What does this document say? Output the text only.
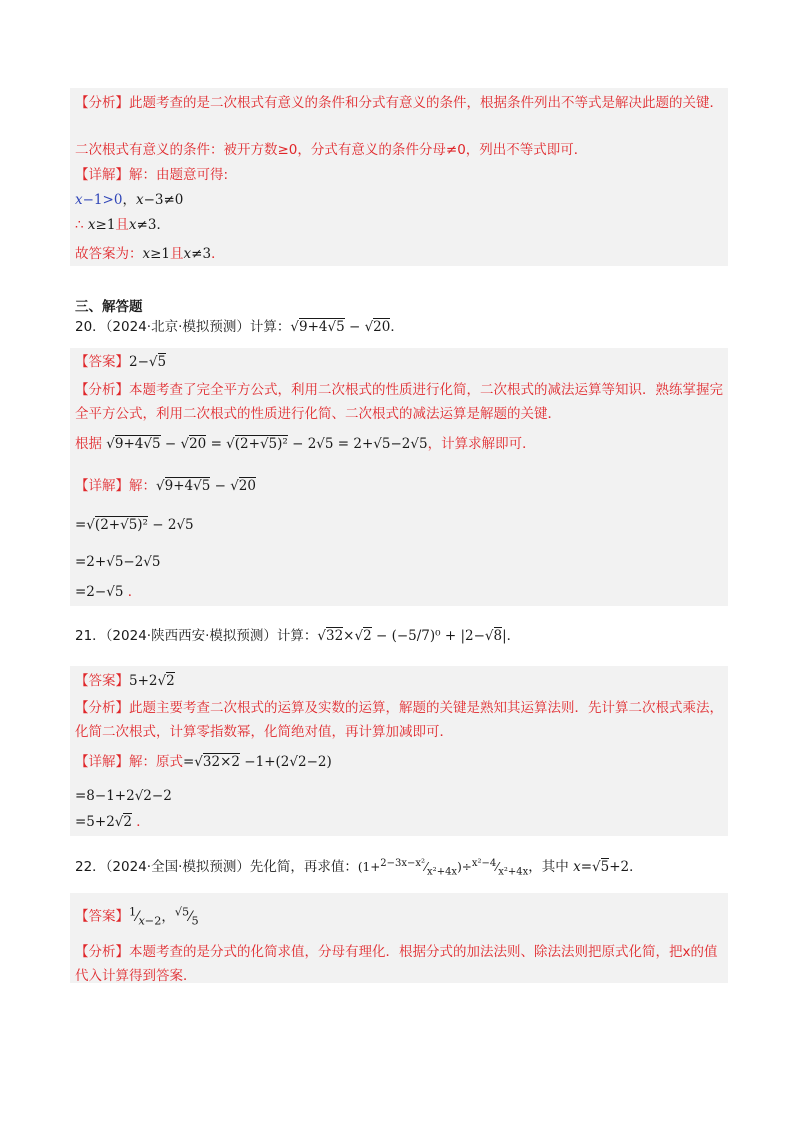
【分析】此题考查的是二次根式有意义的条件和分式有意义的条件，根据条件列出不等式是解决此题的关键．
二次根式有意义的条件：被开方数≥0，分式有意义的条件分母≠0，列出不等式即可．
【详解】解：由题意可得:
x−1>0，x−3≠0
∴ x≥1且x≠3．
故答案为：x≥1且x≠3．
三、解答题
20．（2024·北京·模拟预测）计算：√9+4√5 − √20．
【答案】2−√5
【分析】本题考查了完全平方公式，利用二次根式的性质进行化简，二次根式的减法运算等知识．熟练掌握完全平方公式，利用二次根式的性质进行化简、二次根式的减法运算是解题的关键．
根据 √9+4√5 − √20 = √(2+√5)² − 2√5 = 2+√5−2√5，计算求解即可．
【详解】解：√9+4√5 − √20
=√(2+√5)² − 2√5
=2+√5−2√5
=2−√5 ．
21．（2024·陕西西安·模拟预测）计算：√32×√2 − (−5/7)⁰ + |2−√8|．
【答案】5+2√2
【分析】此题主要考查二次根式的运算及实数的运算，解题的关键是熟知其运算法则．先计算二次根式乘法，化简二次根式，计算零指数幂，化简绝对值，再计算加减即可．
【详解】解：原式=√32×2 −1+(2√2−2)
=8−1+2√2−2
=5+2√2 ．
22．（2024·全国·模拟预测）先化简，再求值：$(1+^{2-3x-x^2}⁄_{x^2+4x})\div^{x^2-4}⁄_{x^2+4x}$，其中 x=√5+2．
【答案】$^1⁄_{x-2}$，$^{√5}⁄_5$
【分析】本题考查的是分式的化简求值，分母有理化．根据分式的加法法则、除法法则把原式化简，把x的值代入计算得到答案．
